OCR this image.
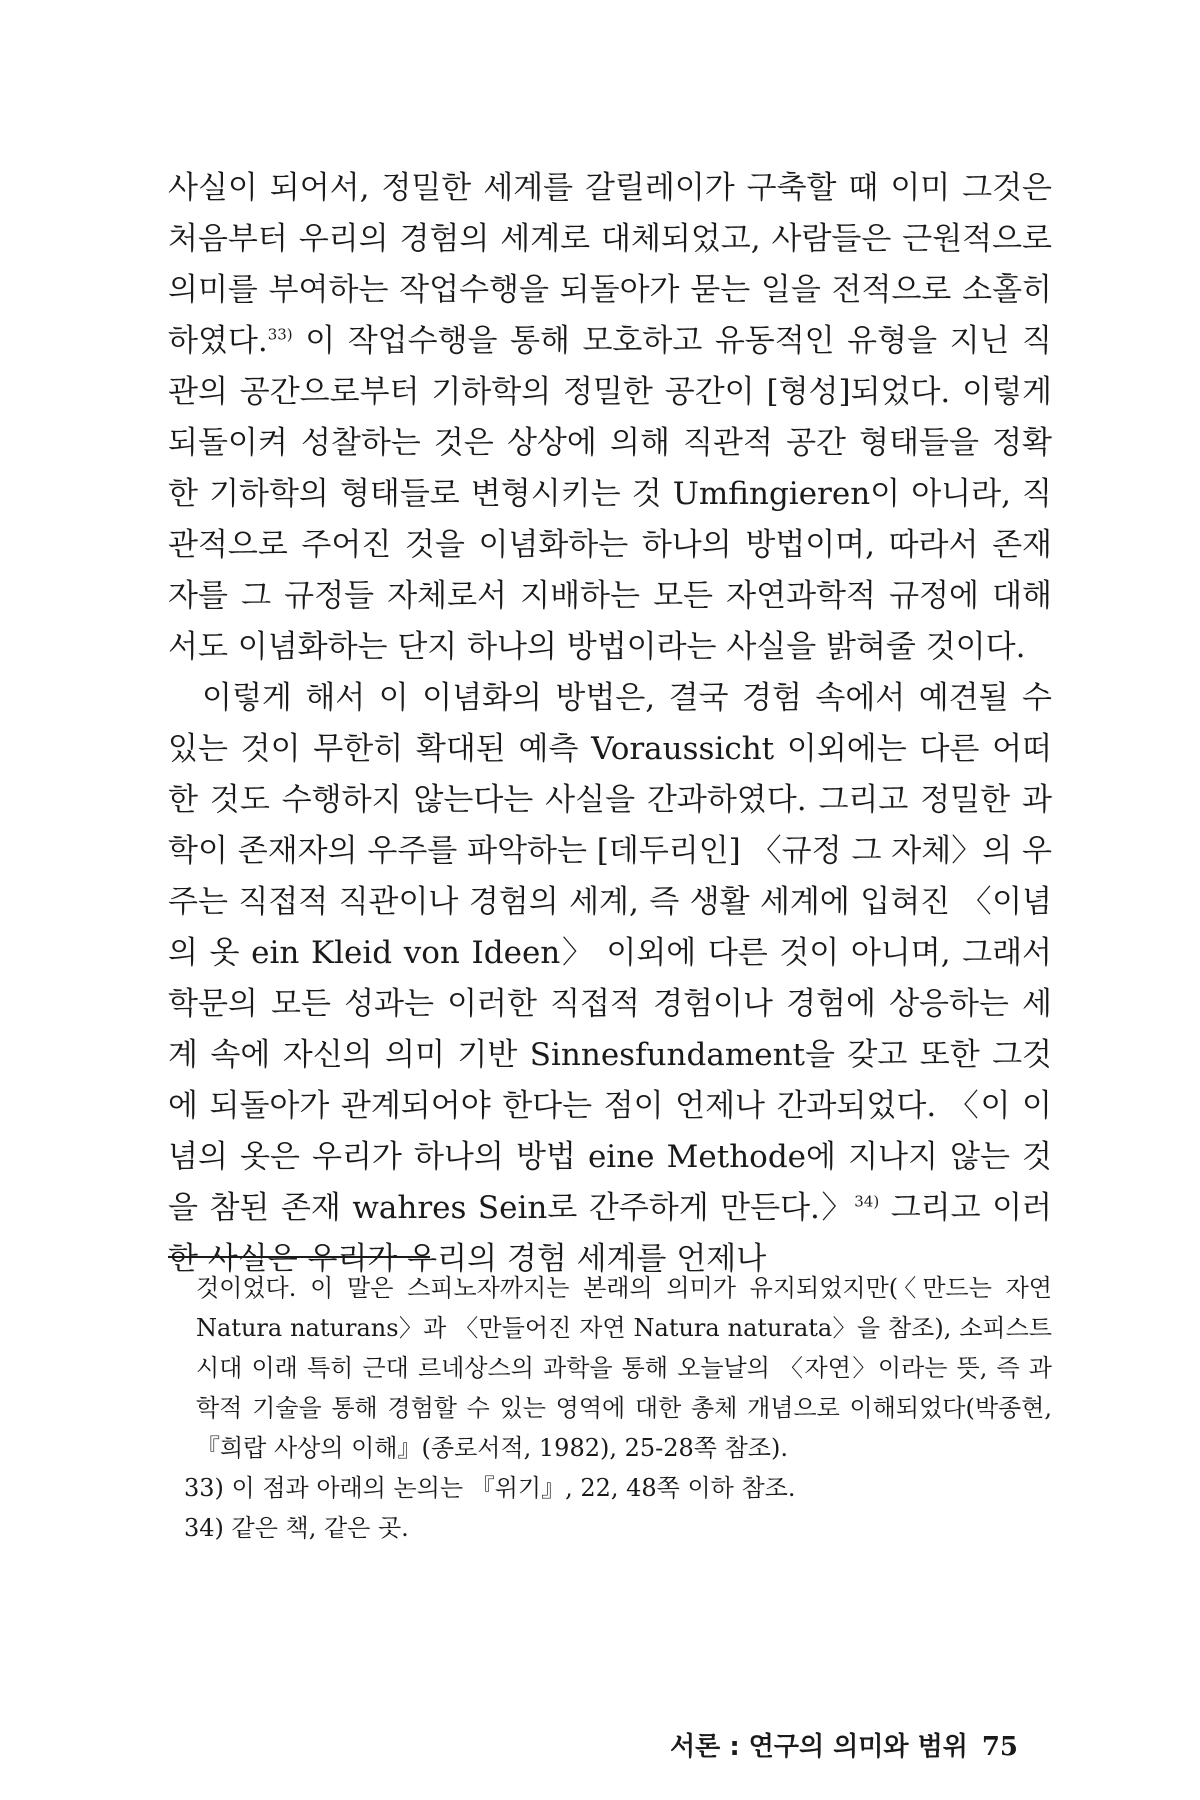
사실이 되어서, 정밀한 세계를 갈릴레이가 구축할 때 이미 그것은 처음부터 우리의 경험의 세계로 대체되었고, 사람들은 근원적으로 의미를 부여하는 작업수행을 되돌아가 묻는 일을 전적으로 소홀히 하였다.$^{33)}$ 이 작업수행을 통해 모호하고 유동적인 유형을 지닌 직관의 공간으로부터 기하학의 정밀한 공간이 [형성]되었다. 이렇게 되돌이켜 성찰하는 것은 상상에 의해 직관적 공간 형태들을 정확한 기하학의 형태들로 변형시키는 것 Umfingieren이 아니라, 직관적으로 주어진 것을 이념화하는 하나의 방법이며, 따라서 존재자를 그 규정들 자체로서 지배하는 모든 자연과학적 규정에 대해서도 이념화하는 단지 하나의 방법이라는 사실을 밝혀줄 것이다.

이렇게 해서 이 이념화의 방법은, 결국 경험 속에서 예견될 수 있는 것이 무한히 확대된 예측 Voraussicht 이외에는 다른 어떠한 것도 수행하지 않는다는 사실을 간과하였다. 그리고 정밀한 과학이 존재자의 우주를 파악하는 [데두리인] 〈규정 그 자체〉의 우주는 직접적 직관이나 경험의 세계, 즉 생활 세계에 입혀진 〈이념의 옷 ein Kleid von Ideen〉 이외에 다른 것이 아니며, 그래서 학문의 모든 성과는 이러한 직접적 경험이나 경험에 상응하는 세계 속에 자신의 의미 기반 Sinnesfundament을 갖고 또한 그것에 되돌아가 관계되어야 한다는 점이 언제나 간과되었다. 〈이 이념의 옷은 우리가 하나의 방법 eine Methode에 지나지 않는 것을 참된 존재 wahres Sein로 간주하게 만든다.〉$^{34)}$ 그리고 이러한 사실은 우리가 우리의 경험 세계를 언제나

것이었다. 이 말은 스피노자까지는 본래의 의미가 유지되었지만(〈만드는 자연 Natura naturans〉과 〈만들어진 자연 Natura naturata〉을 참조), 소피스트 시대 이래 특히 근대 르네상스의 과학을 통해 오늘날의 〈자연〉이라는 뜻, 즉 과학적 기술을 통해 경험할 수 있는 영역에 대한 총체 개념으로 이해되었다(박종현, 『희랍 사상의 이해』(종로서적, 1982), 25-28쪽 참조).

33) 이 점과 아래의 논의는 『위기』, 22, 48쪽 이하 참조.

34) 같은 책, 같은 곳.

서론 : 연구의 의미와 범위 75
